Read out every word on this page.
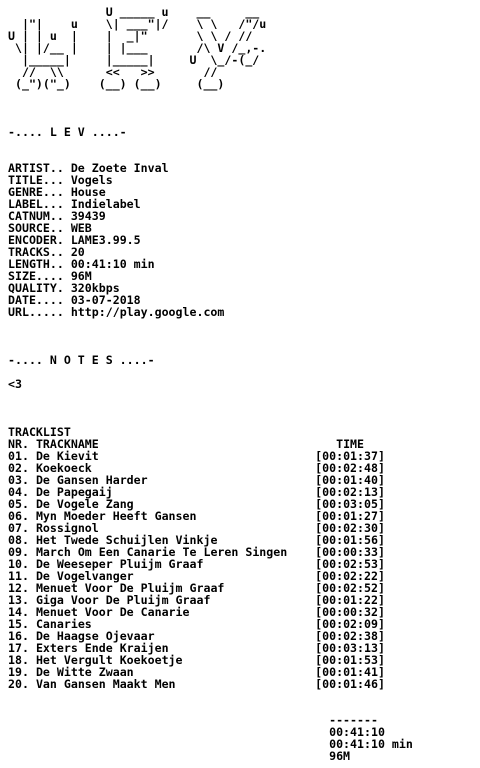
U _____ u    __     __
|"|    u    \| ___"|/    \ \   /"/u
U | | u  |    |  _|"       \ \ / //
\| |/__ |    | |___       /\ V /_,-.
|_____|     |_____|     U  \_/-(_/
//  \\      <<   >>       //
(_")("_)    (__) (__)     (__)
-.... L E V ....-
ARTIST.. De Zoete Inval
TITLE... Vogels
GENRE... House
LABEL... Indielabel
CATNUM.. 39439
SOURCE.. WEB
ENCODER. LAME3.99.5
TRACKS.. 20
LENGTH.. 00:41:10 min
SIZE.... 96M
QUALITY. 320kbps
DATE.... 03-07-2018
URL..... http://play.google.com
-.... N O T E S ....-
<3
TRACKLIST
NR. TRACKNAME	TIME
01. De Kievit	[00:01:37]
02. Koekoeck	[00:02:48]
03. De Gansen Harder	[00:01:40]
04. De Papegaij	[00:02:13]
05. De Vogele Zang	[00:03:05]
06. Myn Moeder Heeft Gansen	[00:01:27]
07. Rossignol	[00:02:30]
08. Het Twede Schuijlen Vinkje	[00:01:56]
09. March Om Een Canarie Te Leren Singen [00:00:33]
10. De Weeseper Pluijm Graaf	[00:02:53]
11. De Vogelvanger	[00:02:22]
12. Menuet Voor De Pluijm Graaf	[00:02:52]
13. Giga Voor De Pluijm Graaf	[00:01:22]
14. Menuet Voor De Canarie	[00:00:32]
15. Canaries	[00:02:09]
16. De Haagse Ojevaar	[00:02:38]
17. Exters Ende Kraijen	[00:03:13]
18. Het Vergult Koekoetje	[00:01:53]
19. De Witte Zwaan	[00:01:41]
20. Van Gansen Maakt Men	[00:01:46]
-------
00:41:10
00:41:10 min
96M
